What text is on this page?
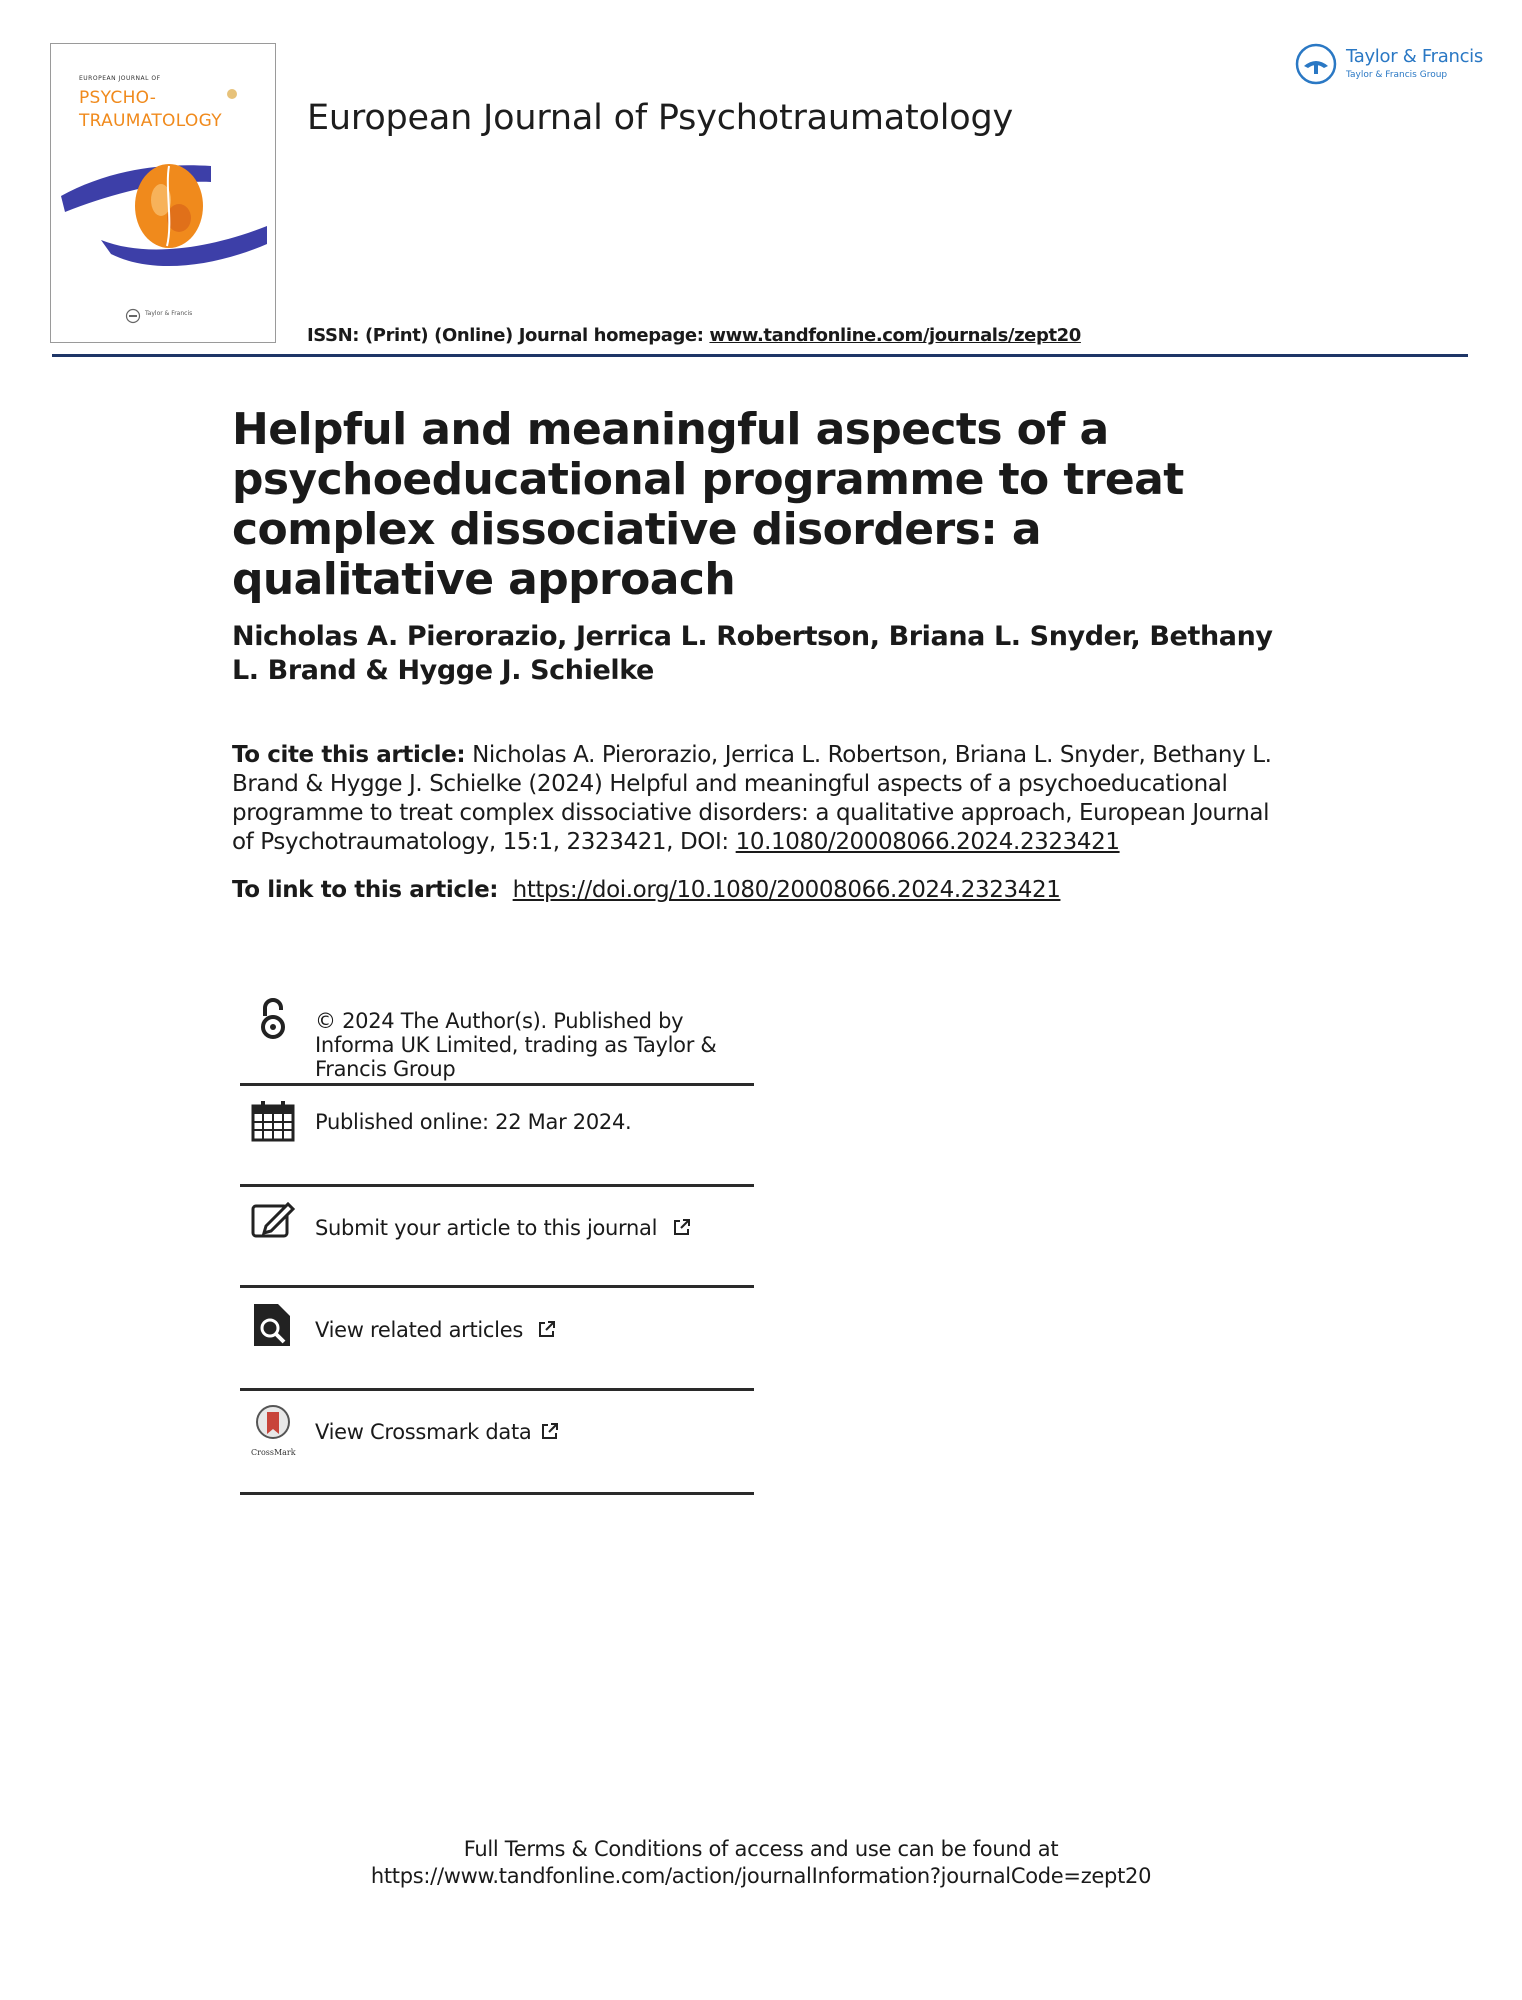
EUROPEAN JOURNAL OF
PSYCHO-
TRAUMATOLOGY
Taylor & Francis
European Journal of Psychotraumatology
ISSN: (Print) (Online) Journal homepage: www.tandfonline.com/journals/zept20
Taylor & Francis
Taylor & Francis Group
Helpful and meaningful aspects of a psychoeducational programme to treat complex dissociative disorders: a qualitative approach
Nicholas A. Pierorazio, Jerrica L. Robertson, Briana L. Snyder, Bethany L. Brand & Hygge J. Schielke
To cite this article: Nicholas A. Pierorazio, Jerrica L. Robertson, Briana L. Snyder, Bethany L. Brand & Hygge J. Schielke (2024) Helpful and meaningful aspects of a psychoeducational programme to treat complex dissociative disorders: a qualitative approach, European Journal of Psychotraumatology, 15:1, 2323421, DOI: 10.1080/20008066.2024.2323421
To link to this article:  https://doi.org/10.1080/20008066.2024.2323421
© 2024 The Author(s). Published by Informa UK Limited, trading as Taylor & Francis Group
Published online: 22 Mar 2024.
Submit your article to this journal
View related articles
CrossMark
View Crossmark data
Full Terms & Conditions of access and use can be found at
https://www.tandfonline.com/action/journalInformation?journalCode=zept20
